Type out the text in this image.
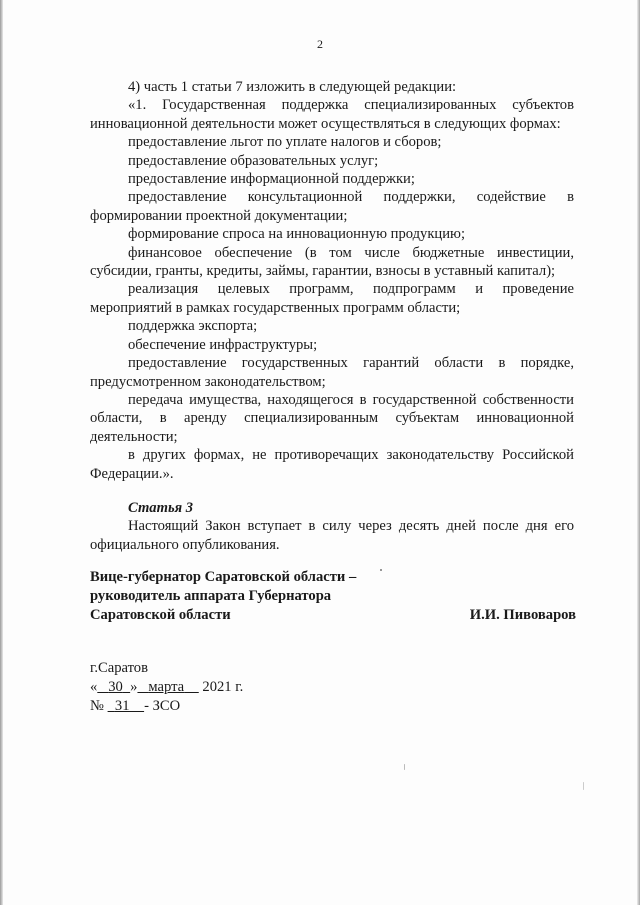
2

4) часть 1 статьи 7 изложить в следующей редакции:

«1. Государственная поддержка специализированных субъектов инновационной деятельности может осуществляться в следующих формах:

предоставление льгот по уплате налогов и сборов;

предоставление образовательных услуг;

предоставление информационной поддержки;

предоставление консультационной поддержки, содействие в формировании проектной документации;

формирование спроса на инновационную продукцию;

финансовое обеспечение (в том числе бюджетные инвестиции, субсидии, гранты, кредиты, займы, гарантии, взносы в уставный капитал);

реализация целевых программ, подпрограмм и проведение мероприятий в рамках государственных программ области;

поддержка экспорта;

обеспечение инфраструктуры;

предоставление государственных гарантий области в порядке, предусмотренном законодательством;

передача имущества, находящегося в государственной собственности области, в аренду специализированным субъектам инновационной деятельности;

в других формах, не противоречащих законодательству Российской Федерации.».

Статья 3

Настоящий Закон вступает в силу через десять дней после дня его официального опубликования.

Вице-губернатор Саратовской области –
руководитель аппарата Губернатора
Саратовской области	И.И. Пивоваров
г.Саратов
« 30 » марта 2021 г.
№ 31 - ЗСО
